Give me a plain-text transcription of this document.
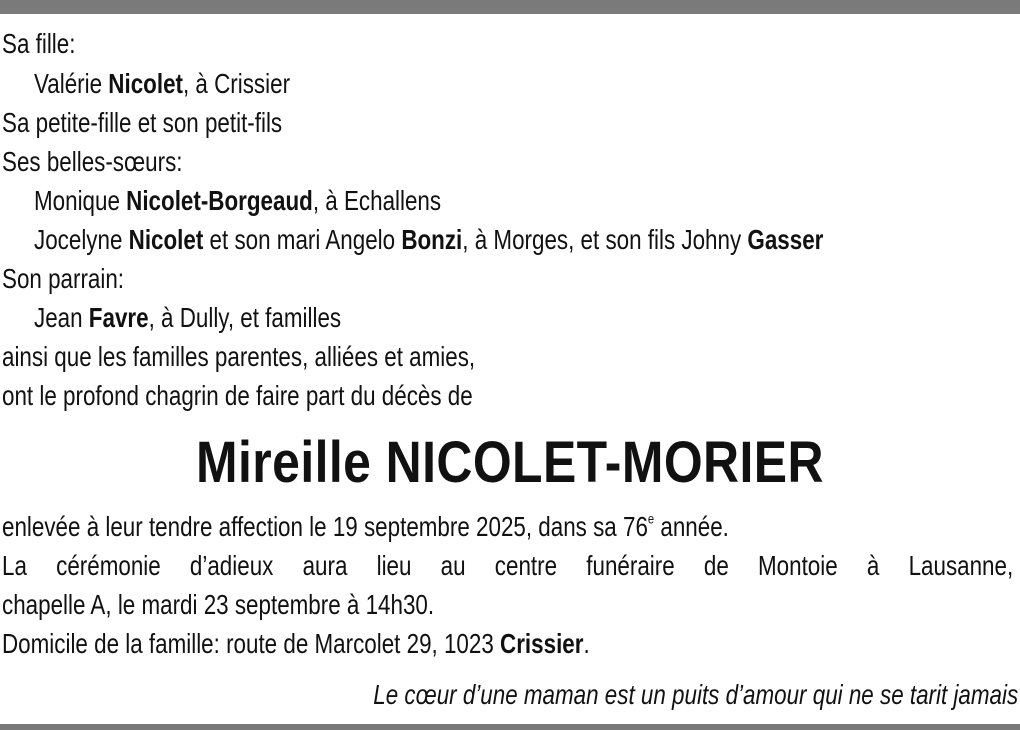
Sa fille:
Valérie Nicolet, à Crissier
Sa petite-fille et son petit-fils
Ses belles-sœurs:
Monique Nicolet-Borgeaud, à Echallens
Jocelyne Nicolet et son mari Angelo Bonzi, à Morges, et son fils Johny Gasser
Son parrain:
Jean Favre, à Dully, et familles
ainsi que les familles parentes, alliées et amies,
ont le profond chagrin de faire part du décès de
Mireille NICOLET-MORIER
enlevée à leur tendre affection le 19 septembre 2025, dans sa 76e année.
La cérémonie d’adieux aura lieu au centre funéraire de Montoie à Lausanne,
chapelle A, le mardi 23 septembre à 14h30.
Domicile de la famille: route de Marcolet 29, 1023 Crissier.
Le cœur d’une maman est un puits d’amour qui ne se tarit jamais
